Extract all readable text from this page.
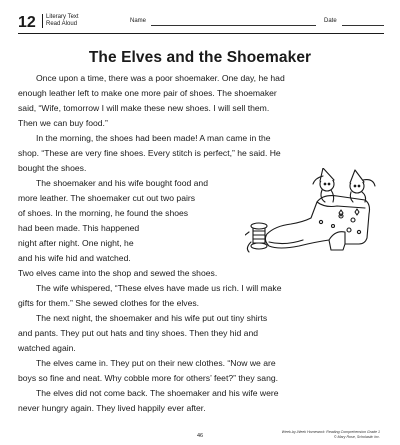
12 Literary Text
Read Aloud	Name	Date
The Elves and the Shoemaker
Once upon a time, there was a poor shoemaker. One day, he had
enough leather left to make one more pair of shoes. The shoemaker
said, “Wife, tomorrow I will make these new shoes. I will sell them.
Then we can buy food.”
In the morning, the shoes had been made! A man came in the
shop. “These are very fine shoes. Every stitch is perfect,” he said. He
bought the shoes.
The shoemaker and his wife bought food and
more leather. The shoemaker cut out two pairs
of shoes. In the morning, he found the shoes
had been made. This happened
night after night. One night, he
and his wife hid and watched.
Two elves came into the shop and sewed the shoes.
The wife whispered, “These elves have made us rich. I will make
gifts for them.” She sewed clothes for the elves.
The next night, the shoemaker and his wife put out tiny shirts
and pants. They put out hats and tiny shoes. Then they hid and
watched again.
The elves came in. They put on their new clothes. “Now we are
boys so fine and neat. Why cobble more for others’ feet?” they sang.
The elves did not come back. The shoemaker and his wife were
never hungry again. They lived happily ever after.
46
Week-by-Week Homework: Reading Comprehension Grade 1
© Mary Rose, Scholastic Inc.
